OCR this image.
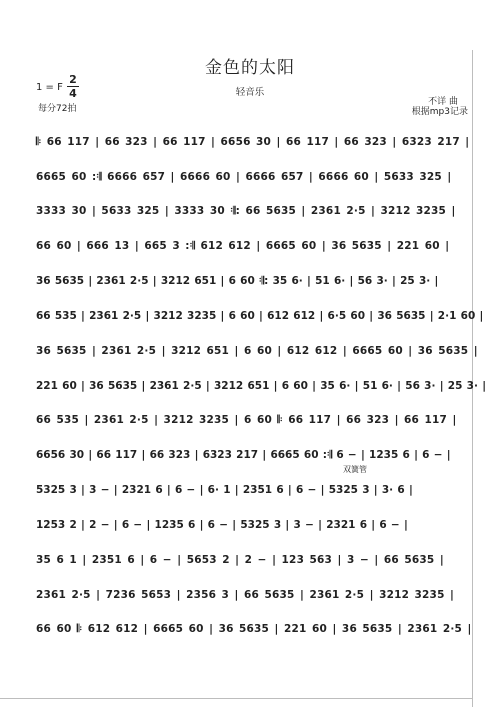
金色的太阳
1 = F
2
4
每分72拍
轻音乐
不详 曲
根据mp3记录
双簧管
𝄆 66 117 | 66 323 | 66 117 | 6656 30 | 66 117 | 66 323 | 6323 217 |
6665 60 :𝄇 6666 657 | 6666 60 | 6666 657 | 6666 60 | 5633 325 |
3333 30 | 5633 325 | 3333 30 𝄇: 66 5635 | 2361 2·5 | 3212 3235 |
66 60 | 666 13 | 665 3 :𝄇 612 612 | 6665 60 | 36 5635 | 221 60 |
36 5635 | 2361 2·5 | 3212 651 | 6 60 𝄇: 35 6· | 51 6· | 56 3· | 25 3· |
66 535 | 2361 2·5 | 3212 3235 | 6 60 | 612 612 | 6·5 60 | 36 5635 | 2·1 60 |
36 5635 | 2361 2·5 | 3212 651 | 6 60 | 612 612 | 6665 60 | 36 5635 |
221 60 | 36 5635 | 2361 2·5 | 3212 651 | 6 60 | 35 6· | 51 6· | 56 3· | 25 3· |
66 535 | 2361 2·5 | 3212 3235 | 6 60 𝄆 66 117 | 66 323 | 66 117 |
6656 30 | 66 117 | 66 323 | 6323 217 | 6665 60 :𝄇 6 − | 1235 6 | 6 − |
5325 3 | 3 − | 2321 6 | 6 − | 6· 1 | 2351 6 | 6 − | 5325 3 | 3· 6 |
1253 2 | 2 − | 6 − | 1235 6 | 6 − | 5325 3 | 3 − | 2321 6 | 6 − |
35 6 1 | 2351 6 | 6 − | 5653 2 | 2 − | 123 563 | 3 − | 66 5635 |
2361 2·5 | 7236 5653 | 2356 3 | 66 5635 | 2361 2·5 | 3212 3235 |
66 60 𝄆 612 612 | 6665 60 | 36 5635 | 221 60 | 36 5635 | 2361 2·5 |
